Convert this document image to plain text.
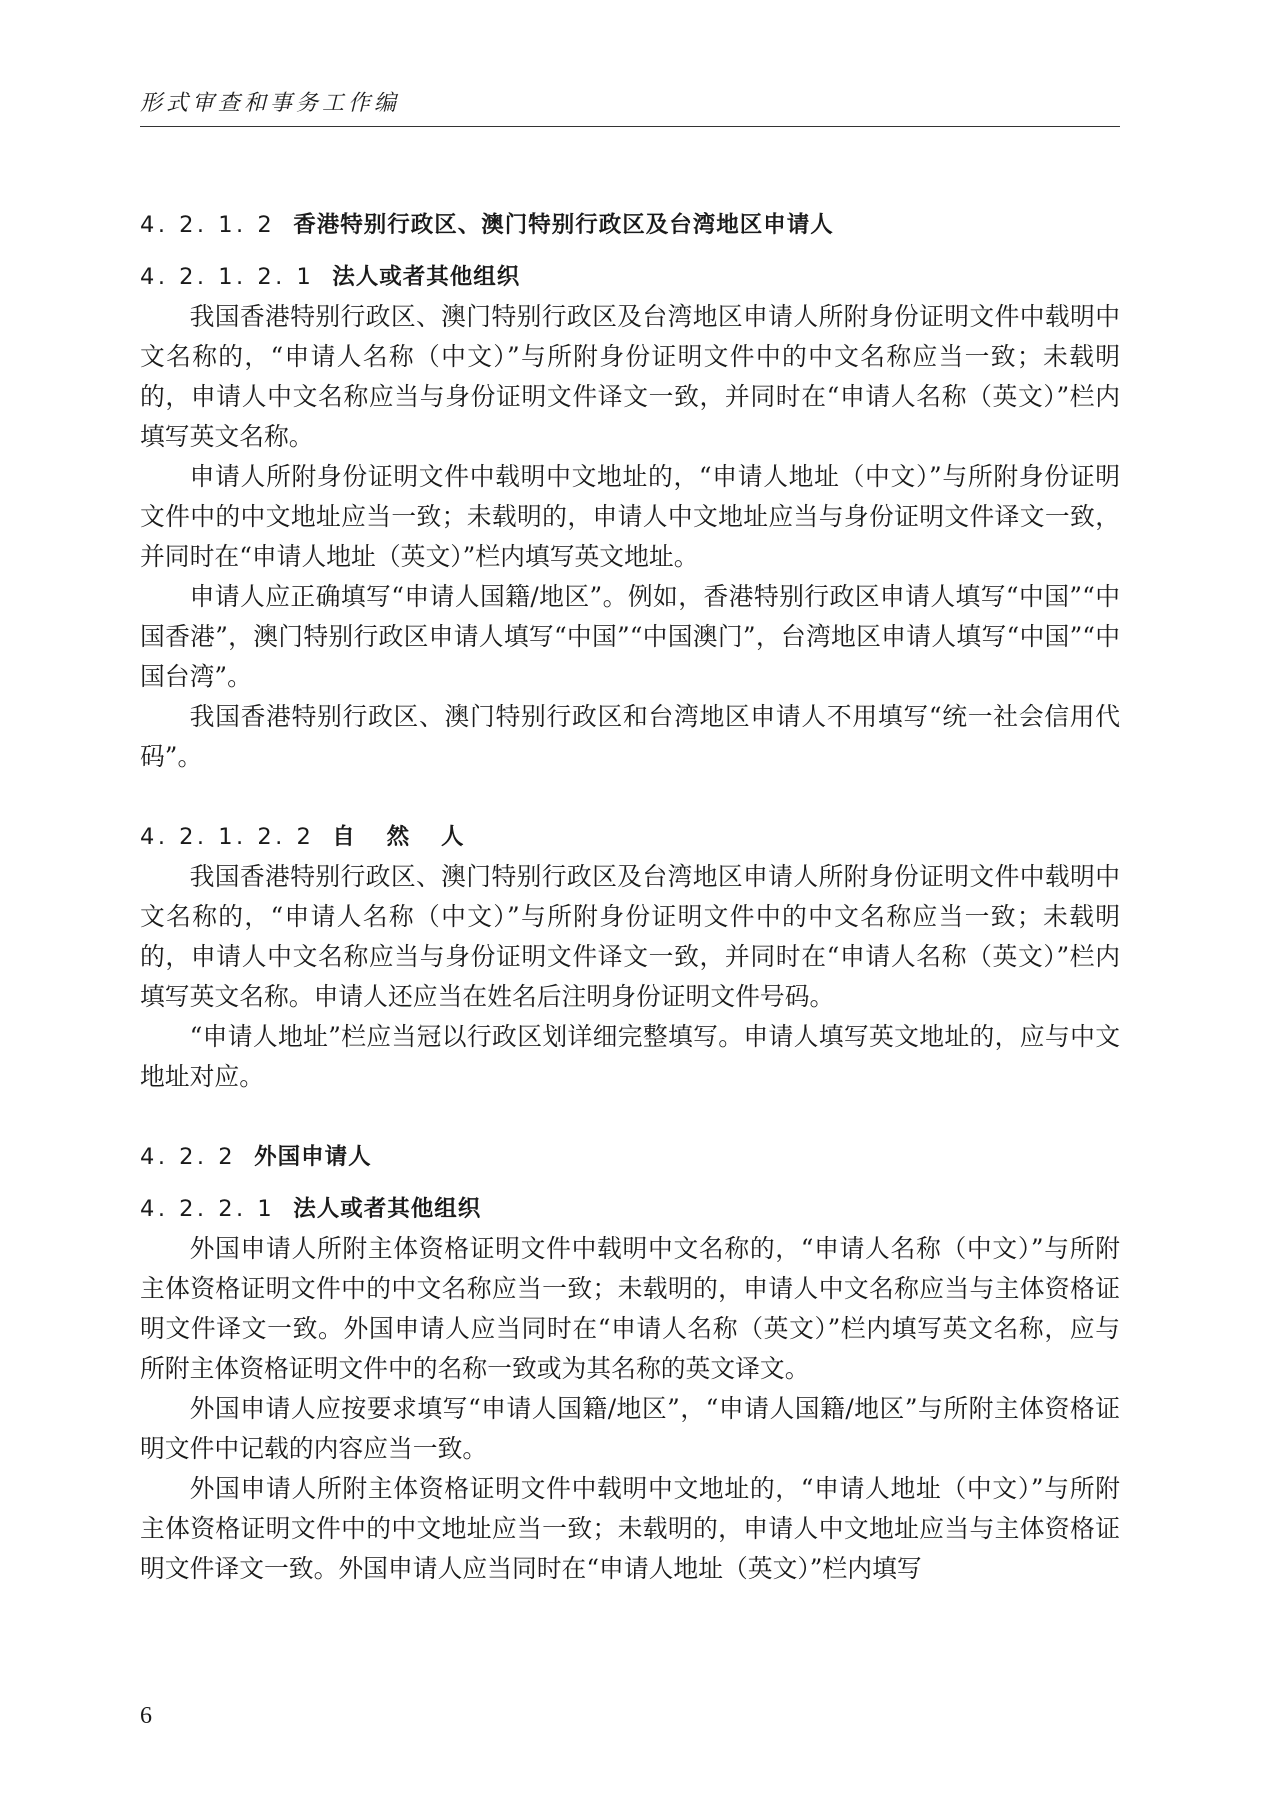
形式审查和事务工作编
4. 2. 1. 2 香港特别行政区、澳门特别行政区及台湾地区申请人
4. 2. 1. 2. 1 法人或者其他组织

我国香港特别行政区、澳门特别行政区及台湾地区申请人所附身份证明文件中载明中文名称的，“申请人名称（中文）”与所附身份证明文件中的中文名称应当一致；未载明的，申请人中文名称应当与身份证明文件译文一致，并同时在“申请人名称（英文）”栏内填写英文名称。

申请人所附身份证明文件中载明中文地址的，“申请人地址（中文）”与所附身份证明文件中的中文地址应当一致；未载明的，申请人中文地址应当与身份证明文件译文一致，并同时在“申请人地址（英文）”栏内填写英文地址。

申请人应正确填写“申请人国籍/地区”。例如，香港特别行政区申请人填写“中国”“中国香港”，澳门特别行政区申请人填写“中国”“中国澳门”，台湾地区申请人填写“中国”“中国台湾”。

我国香港特别行政区、澳门特别行政区和台湾地区申请人不用填写“统一社会信用代码”。

4. 2. 1. 2. 2 自 然 人

我国香港特别行政区、澳门特别行政区及台湾地区申请人所附身份证明文件中载明中文名称的，“申请人名称（中文）”与所附身份证明文件中的中文名称应当一致；未载明的，申请人中文名称应当与身份证明文件译文一致，并同时在“申请人名称（英文）”栏内填写英文名称。申请人还应当在姓名后注明身份证明文件号码。

“申请人地址”栏应当冠以行政区划详细完整填写。申请人填写英文地址的，应与中文地址对应。

4. 2. 2 外国申请人
4. 2. 2. 1 法人或者其他组织

外国申请人所附主体资格证明文件中载明中文名称的，“申请人名称（中文）”与所附主体资格证明文件中的中文名称应当一致；未载明的，申请人中文名称应当与主体资格证明文件译文一致。外国申请人应当同时在“申请人名称（英文）”栏内填写英文名称，应与所附主体资格证明文件中的名称一致或为其名称的英文译文。

外国申请人应按要求填写“申请人国籍/地区”，“申请人国籍/地区”与所附主体资格证明文件中记载的内容应当一致。

外国申请人所附主体资格证明文件中载明中文地址的，“申请人地址（中文）”与所附主体资格证明文件中的中文地址应当一致；未载明的，申请人中文地址应当与主体资格证明文件译文一致。外国申请人应当同时在“申请人地址（英文）”栏内填写

6
